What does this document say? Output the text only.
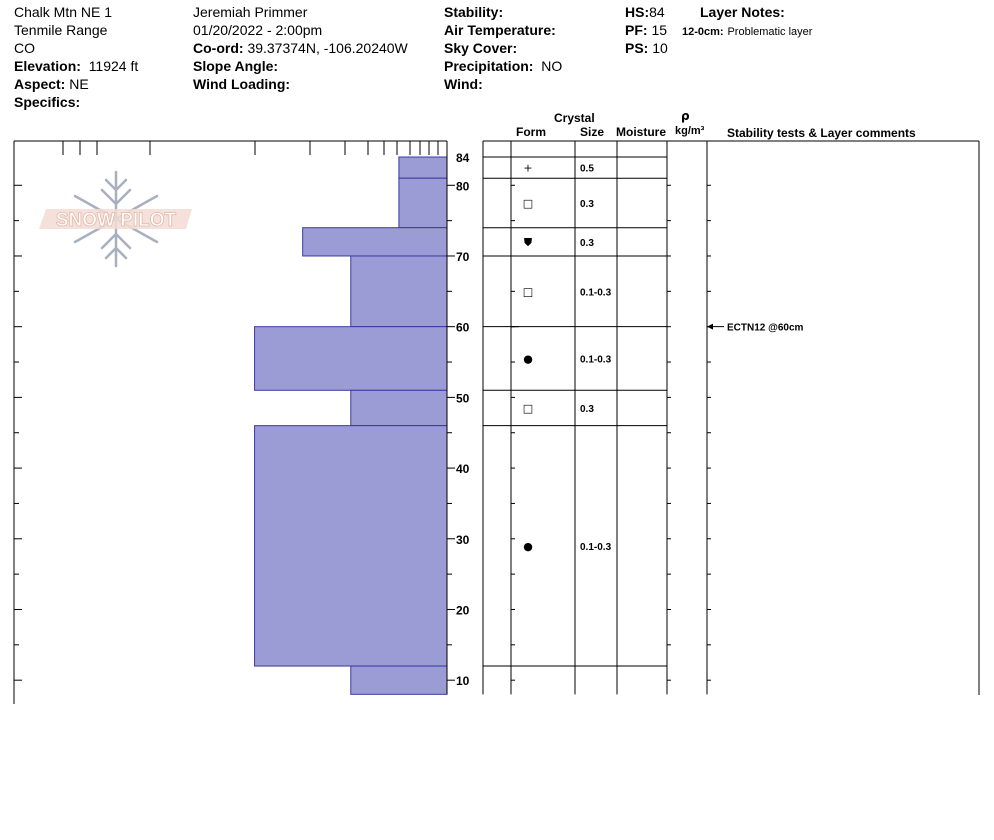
Chalk Mtn NE 1
Tenmile Range
CO
Elevation: 11924 ft
Aspect: NE
Specifics:
Jeremiah Primmer
01/20/2022 - 2:00pm
Co-ord: 39.37374N, -106.20240W
Slope Angle:
Wind Loading:
Stability:
Air Temperature:
Sky Cover:
Precipitation: NO
Wind:
HS:84
PF: 15
PS: 10
Layer Notes:
12-0cm: Problematic layer
Crystal
Form	Size Moisture
ρ
kg/m³ Stability tests & Layer comments
SNOW PILOT
84
80
70
60
50
40
30
20
10
+	0.5
□	0.3
⛊	0.3
□	0.1-0.3
●	0.1-0.3
□	0.3
●	0.1-0.3
ECTN12 @60cm
